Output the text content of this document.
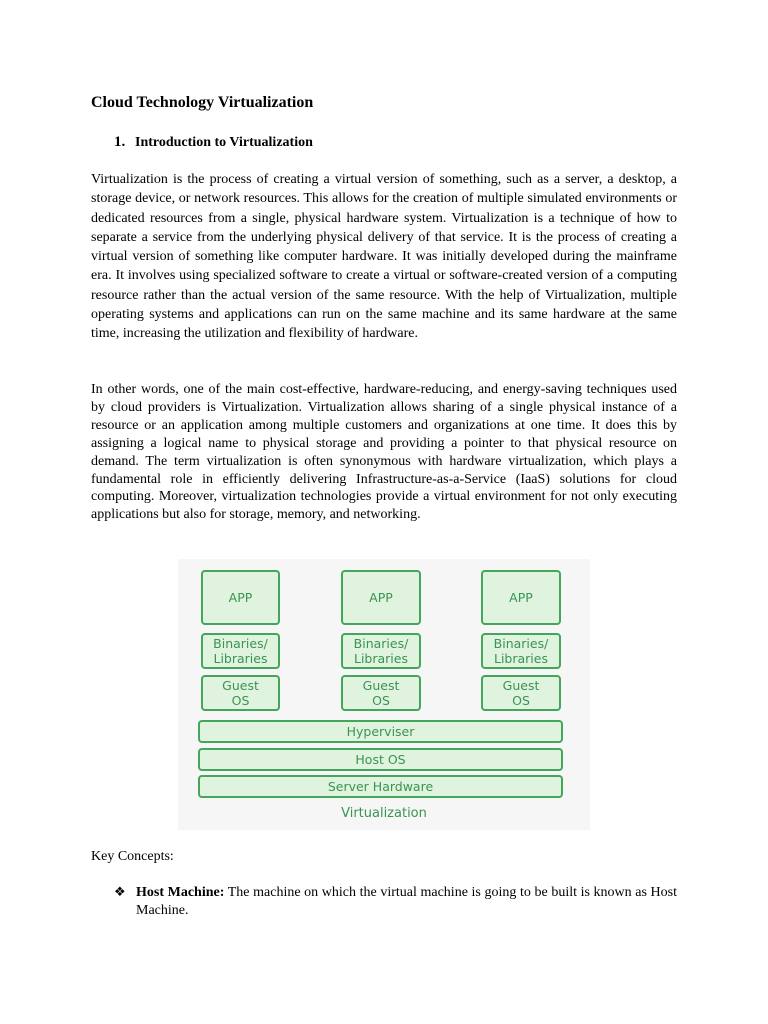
Cloud Technology Virtualization
1. Introduction to Virtualization

Virtualization is the process of creating a virtual version of something, such as a server, a desktop, a storage device, or network resources. This allows for the creation of multiple simulated environments or dedicated resources from a single, physical hardware system. Virtualization is a technique of how to separate a service from the underlying physical delivery of that service. It is the process of creating a virtual version of something like computer hardware. It was initially developed during the mainframe era. It involves using specialized software to create a virtual or software-created version of a computing resource rather than the actual version of the same resource. With the help of Virtualization, multiple operating systems and applications can run on the same machine and its same hardware at the same time, increasing the utilization and flexibility of hardware.

In other words, one of the main cost-effective, hardware-reducing, and energy-saving techniques used by cloud providers is Virtualization. Virtualization allows sharing of a single physical instance of a resource or an application among multiple customers and organizations at one time. It does this by assigning a logical name to physical storage and providing a pointer to that physical resource on demand. The term virtualization is often synonymous with hardware virtualization, which plays a fundamental role in efficiently delivering Infrastructure-as-a-Service (IaaS) solutions for cloud computing. Moreover, virtualization technologies provide a virtual environment for not only executing applications but also for storage, memory, and networking.

APP
Binaries/
Libraries
Guest
OS
APP
Binaries/
Libraries
Guest
OS
APP
Binaries/
Libraries
Guest
OS
Hyperviser
Host OS
Server Hardware
Virtualization

Key Concepts:

❖ Host Machine: The machine on which the virtual machine is going to be built is known as Host Machine.
